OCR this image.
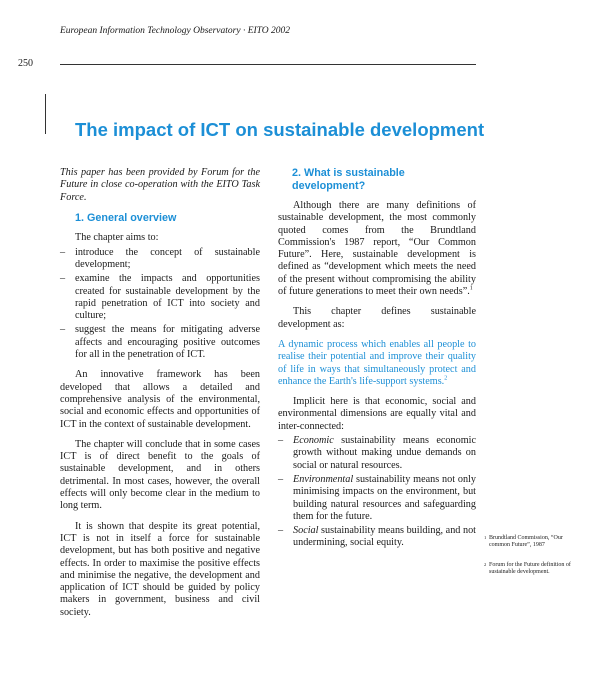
European Information Technology Observatory · EITO 2002
250
The impact of ICT on sustainable development

This paper has been provided by Forum for the Future in close co-operation with the EITO Task Force.

1. General overview

The chapter aims to:

– introduce the concept of sustainable development;
– examine the impacts and opportunities created for sustainable development by the rapid penetration of ICT into society and culture;
– suggest the means for mitigating adverse affects and encouraging positive outcomes for all in the penetration of ICT.

An innovative framework has been developed that allows a detailed and comprehensive analysis of the environmental, social and economic effects and opportunities of ICT in the context of sustainable development.

The chapter will conclude that in some cases ICT is of direct benefit to the goals of sustainable development, and in others detrimental. In most cases, however, the overall effects will only become clear in the medium to long term.

It is shown that despite its great potential, ICT is not in itself a force for sustainable development, but has both positive and negative effects. In order to maximise the positive effects and minimise the negative, the development and application of ICT should be guided by policy makers in government, business and civil society.

2. What is sustainable
development?

Although there are many definitions of sustainable development, the most commonly quoted comes from the Brundtland Commission's 1987 report, “Our Common Future”. Here, sustainable development is defined as “development which meets the need of the present without compromising the ability of future generations to meet their own needs”.$^1$

This chapter defines sustainable development as:

A dynamic process which enables all people to realise their potential and improve their quality of life in ways that simultaneously protect and enhance the Earth's life-support systems.$^2$

Implicit here is that economic, social and environmental dimensions are equally vital and inter-connected:

– Economic sustainability means economic growth without making undue demands on social or natural resources.
– Environmental sustainability means not only minimising impacts on the environment, but building natural resources and safeguarding them for the future.
– Social sustainability means building, and not undermining, social equity.	1 Brundtland Commission, “Our common Future”, 1987
2 Forum for the Future definition of sustainable development.
